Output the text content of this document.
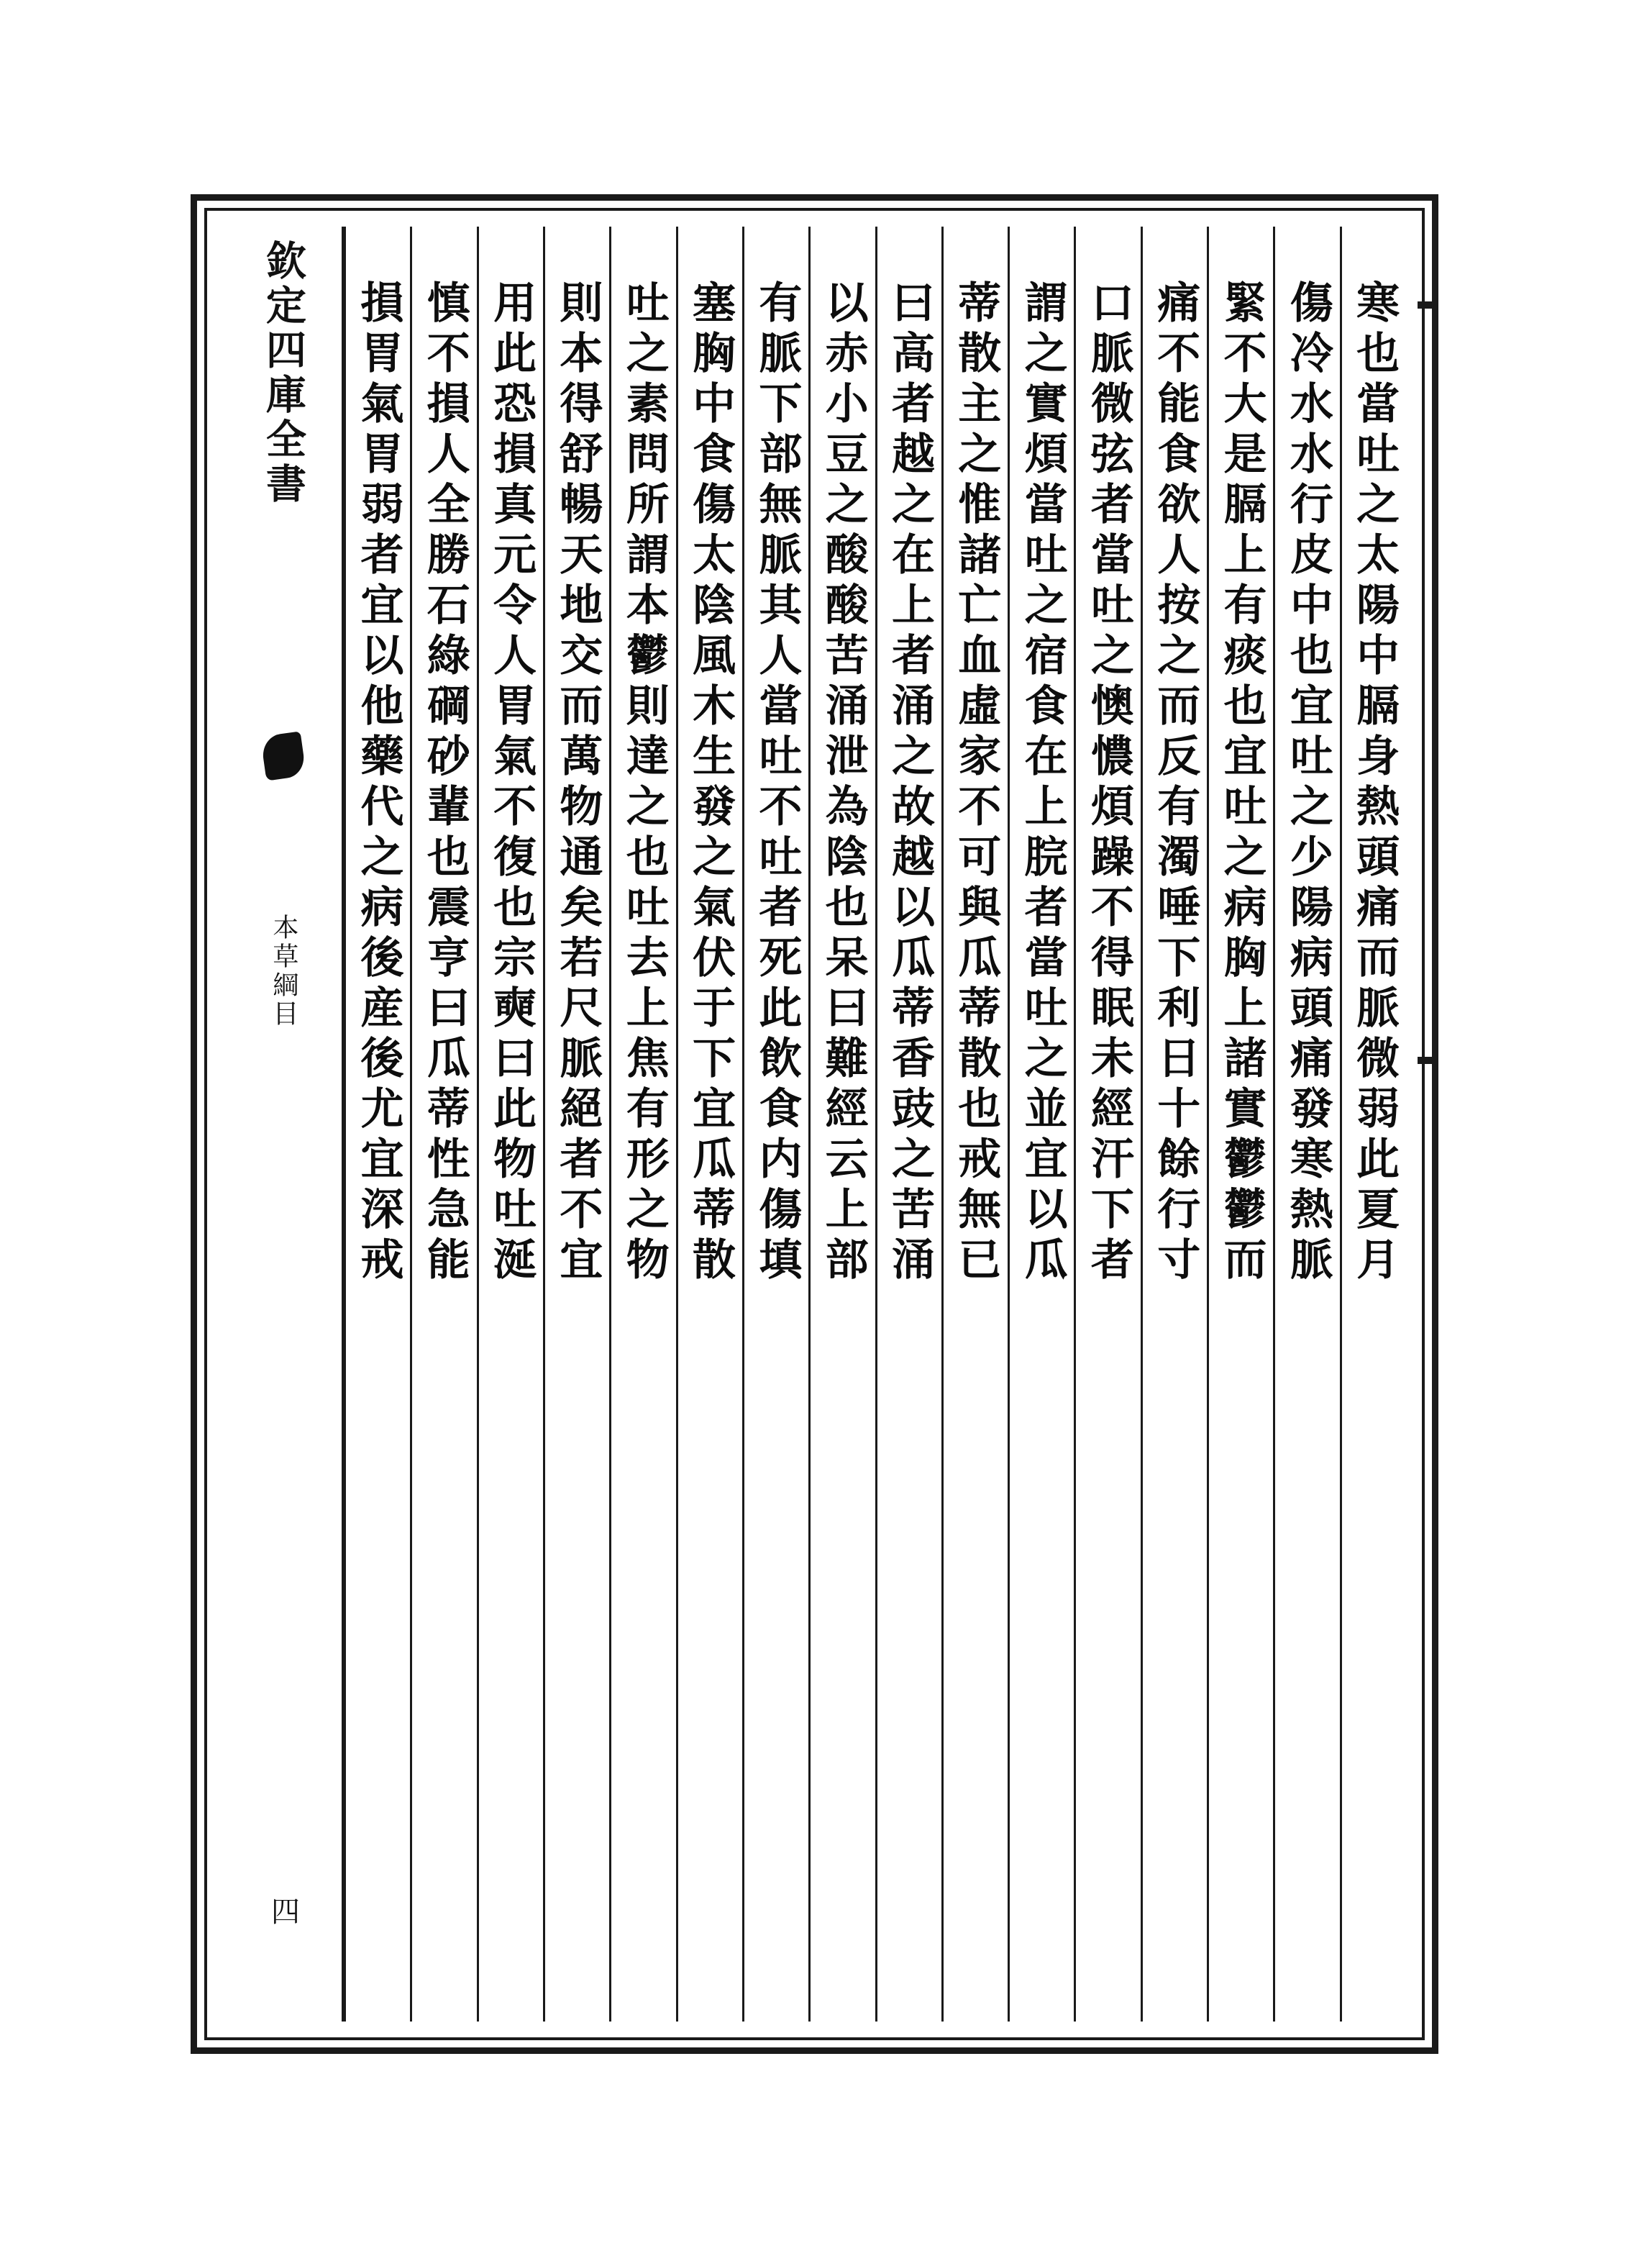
寒也當吐之太陽中膈身熱頭痛而脈微弱此夏月
傷冷水水行皮中也宜吐之少陽病頭痛發寒熱脈
緊不大是膈上有痰也宜吐之病胸上諸實鬱鬱而
痛不能食欲人按之而反有濁唾下利日十餘行寸
口脈微弦者當吐之懊憹煩躁不得眠未經汗下者
謂之實煩當吐之宿食在上脘者當吐之並宜以瓜
蒂散主之惟諸亡血虛家不可與瓜蒂散也戒無已
曰高者越之在上者涌之故越以瓜蒂香豉之苦涌
以赤小豆之酸酸苦涌泄為陰也呆曰難經云上部
有脈下部無脈其人當吐不吐者死此飲食内傷填
塞胸中食傷太陰風木生發之氣伏于下宜瓜蒂散
吐之素問所謂本鬱則達之也吐去上焦有形之物
則本得舒暢天地交而萬物通矣若尺脈絕者不宜
用此恐損真元令人胃氣不復也宗奭曰此物吐涎
慎不損人全勝石綠碙砂輩也震亨曰瓜蒂性急能
損胃氣胃弱者宜以他藥代之病後産後尤宜深戒
欽定四庫全書
本草綱目
四
